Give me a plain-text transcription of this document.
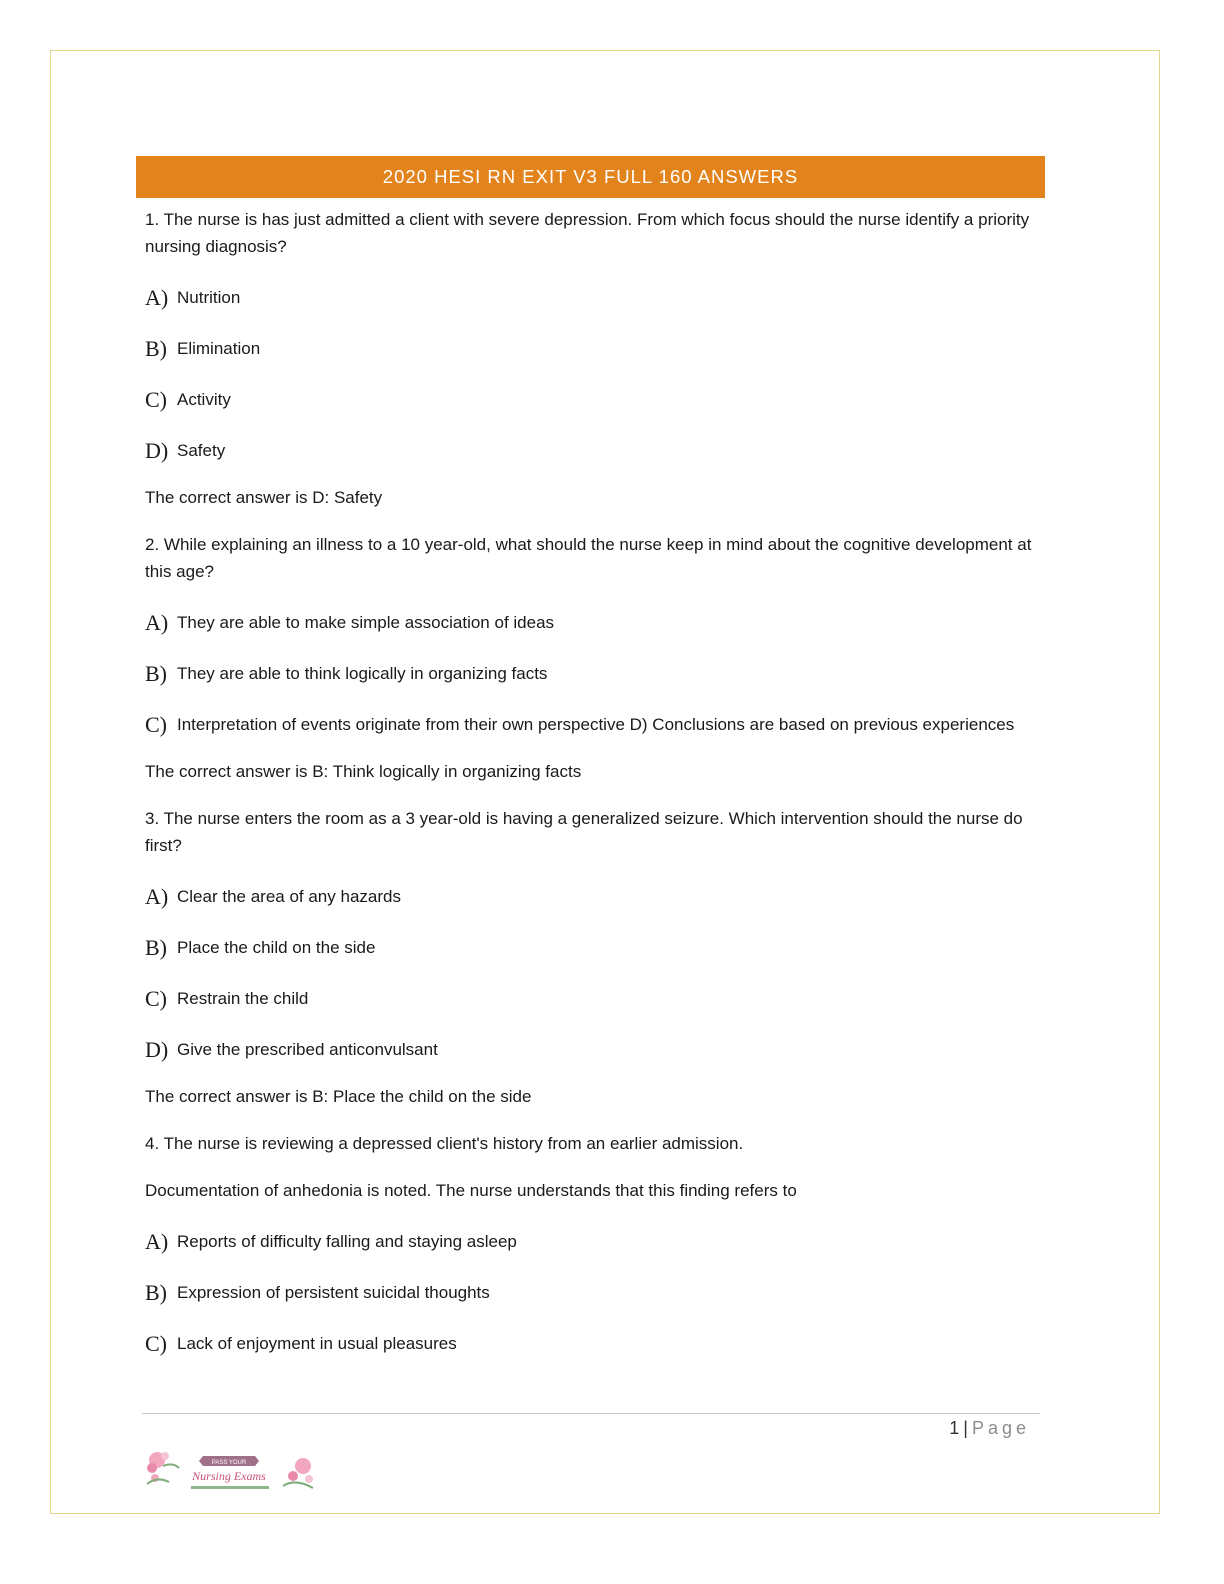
2020 HESI RN EXIT V3 FULL 160 ANSWERS

1. The nurse is has just admitted a client with severe depression. From which focus should the nurse identify a priority nursing diagnosis?

A) Nutrition
B) Elimination
C) Activity
D) Safety
The correct answer is D: Safety

2. While explaining an illness to a 10 year-old, what should the nurse keep in mind about the cognitive development at this age?

A) They are able to make simple association of ideas
B) They are able to think logically in organizing facts
C) Interpretation of events originate from their own perspective D) Conclusions are based on previous experiences
The correct answer is B: Think logically in organizing facts

3. The nurse enters the room as a 3 year-old is having a generalized seizure. Which intervention should the nurse do first?

A) Clear the area of any hazards
B) Place the child on the side
C) Restrain the child
D) Give the prescribed anticonvulsant
The correct answer is B: Place the child on the side

4. The nurse is reviewing a depressed client's history from an earlier admission.

Documentation of anhedonia is noted. The nurse understands that this finding refers to

A) Reports of difficulty falling and staying asleep
B) Expression of persistent suicidal thoughts
C) Lack of enjoyment in usual pleasures
1 | Page
PASS YOUR
Nursing Exams
